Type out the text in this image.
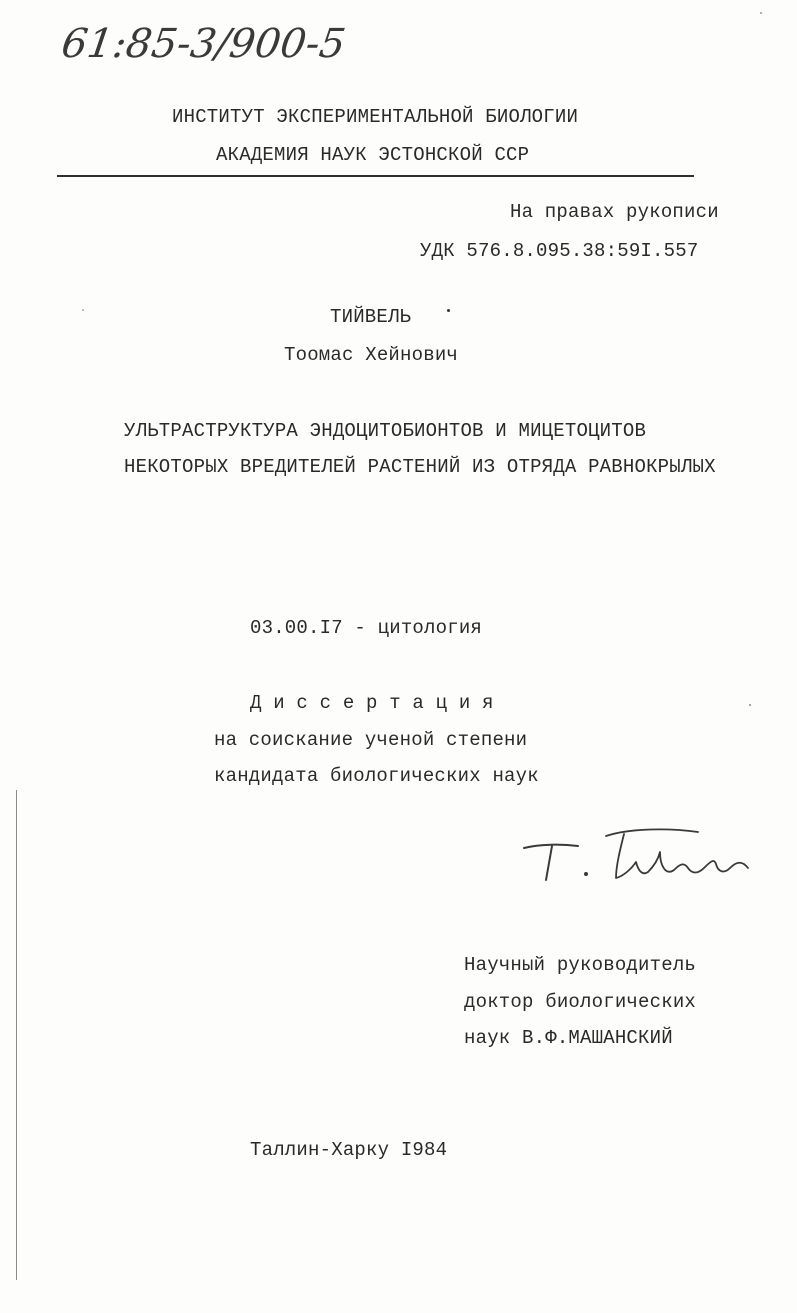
61:85-3/900-5
ИНСТИТУТ ЭКСПЕРИМЕНТАЛЬНОЙ БИОЛОГИИ
АКАДЕМИЯ НАУК ЭСТОНСКОЙ ССР
На правах рукописи
УДК 576.8.095.38:59I.557
ТИЙВЕЛЬ
Тоомас Хейнович
УЛЬТРАСТРУКТУРА ЭНДОЦИТОБИОНТОВ И МИЦЕТОЦИТОВ
НЕКОТОРЫХ ВРЕДИТЕЛЕЙ РАСТЕНИЙ ИЗ ОТРЯДА РАВНОКРЫЛЫХ
03.00.I7 - цитология
Д и с с е р т а ц и я
на соискание ученой степени
кандидата биологических наук
Научный руководитель
доктор биологических
наук В.Ф.МАШАНСКИЙ
Таллин-Харку I984
